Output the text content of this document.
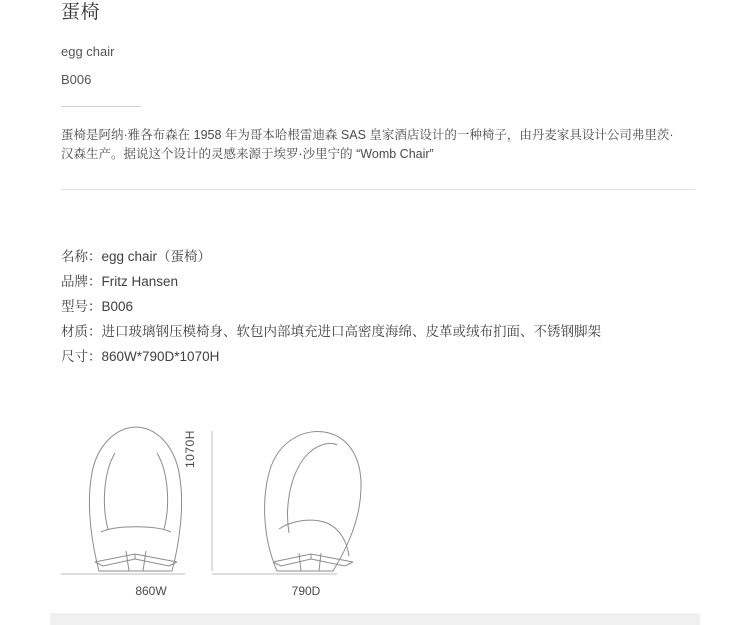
蛋椅
egg chair
B006
蛋椅是阿纳·雅各布森在 1958 年为哥本哈根雷迪森 SAS 皇家酒店设计的一种椅子，由丹麦家具设计公司弗里茨·汉森生产。据说这个设计的灵感来源于埃罗·沙里宁的 “Womb Chair”
名称：egg chair（蛋椅）
品牌：Fritz Hansen
型号：B006
材质：进口玻璃钢压模椅身、软包内部填充进口高密度海绵、皮革或绒布扪面、不锈钢脚架
尺寸：860W*790D*1070H
860W	790D
1070H
